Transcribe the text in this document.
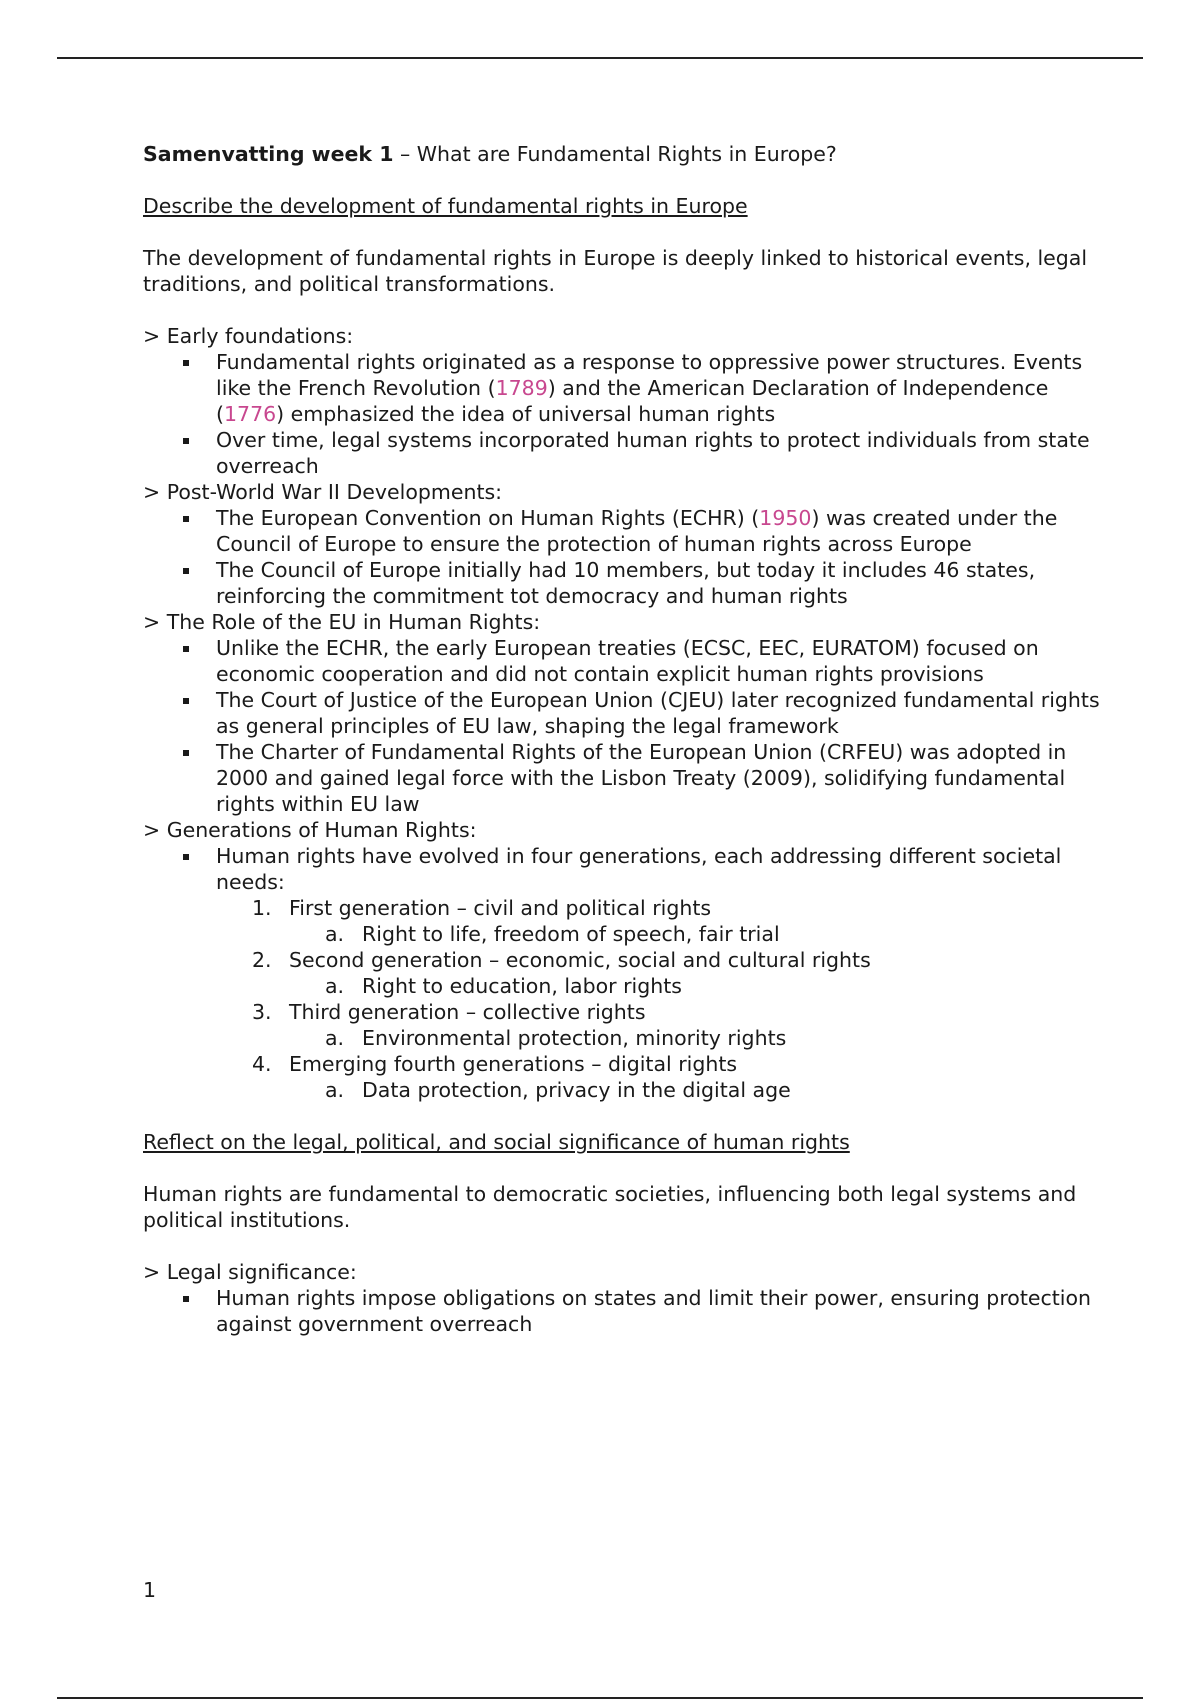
Samenvatting week 1 – What are Fundamental Rights in Europe?

Describe the development of fundamental rights in Europe

The development of fundamental rights in Europe is deeply linked to historical events, legal traditions, and political transformations.

> Early foundations:

Fundamental rights originated as a response to oppressive power structures. Events like the French Revolution (1789) and the American Declaration of Independence (1776) emphasized the idea of universal human rights
Over time, legal systems incorporated human rights to protect individuals from state overreach

> Post-World War II Developments:

The European Convention on Human Rights (ECHR) (1950) was created under the Council of Europe to ensure the protection of human rights across Europe
The Council of Europe initially had 10 members, but today it includes 46 states, reinforcing the commitment tot democracy and human rights

> The Role of the EU in Human Rights:

Unlike the ECHR, the early European treaties (ECSC, EEC, EURATOM) focused on economic cooperation and did not contain explicit human rights provisions
The Court of Justice of the European Union (CJEU) later recognized fundamental rights as general principles of EU law, shaping the legal framework
The Charter of Fundamental Rights of the European Union (CRFEU) was adopted in 2000 and gained legal force with the Lisbon Treaty (2009), solidifying fundamental rights within EU law

> Generations of Human Rights:

Human rights have evolved in four generations, each addressing different societal needs:
1. First generation – civil and political rights
a. Right to life, freedom of speech, fair trial
2. Second generation – economic, social and cultural rights
a. Right to education, labor rights
3. Third generation – collective rights
a. Environmental protection, minority rights
4. Emerging fourth generations – digital rights
a. Data protection, privacy in the digital age

Reflect on the legal, political, and social significance of human rights

Human rights are fundamental to democratic societies, influencing both legal systems and political institutions.

> Legal significance:

Human rights impose obligations on states and limit their power, ensuring protection against government overreach
1
